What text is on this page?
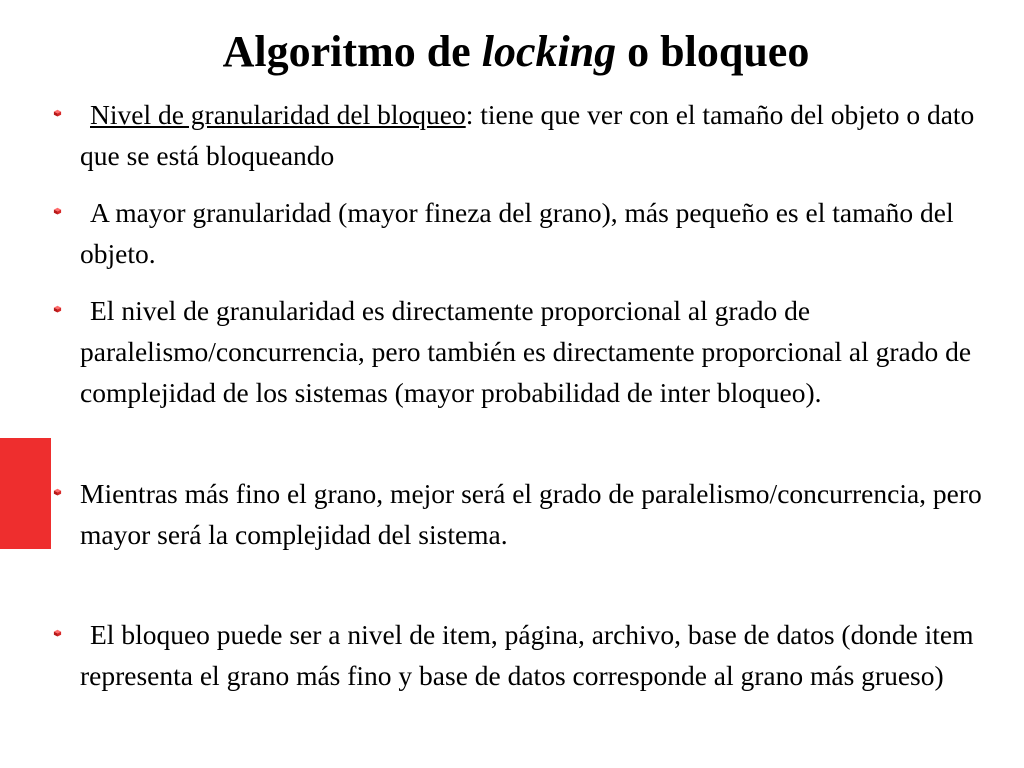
Algoritmo de locking o bloqueo
Nivel de granularidad del bloqueo: tiene que ver con el tamaño del objeto o dato que se está bloqueando
A mayor granularidad (mayor fineza del grano), más pequeño es el tamaño del objeto.
El nivel de granularidad es directamente proporcional al grado de paralelismo/concurrencia, pero también es directamente proporcional al grado de complejidad de los sistemas (mayor probabilidad de inter bloqueo).
Mientras más fino el grano, mejor será el grado de paralelismo/concurrencia, pero mayor será la complejidad del sistema.
El bloqueo puede ser a nivel de item, página, archivo, base de datos (donde item representa el grano más fino y base de datos corresponde al grano más grueso)
